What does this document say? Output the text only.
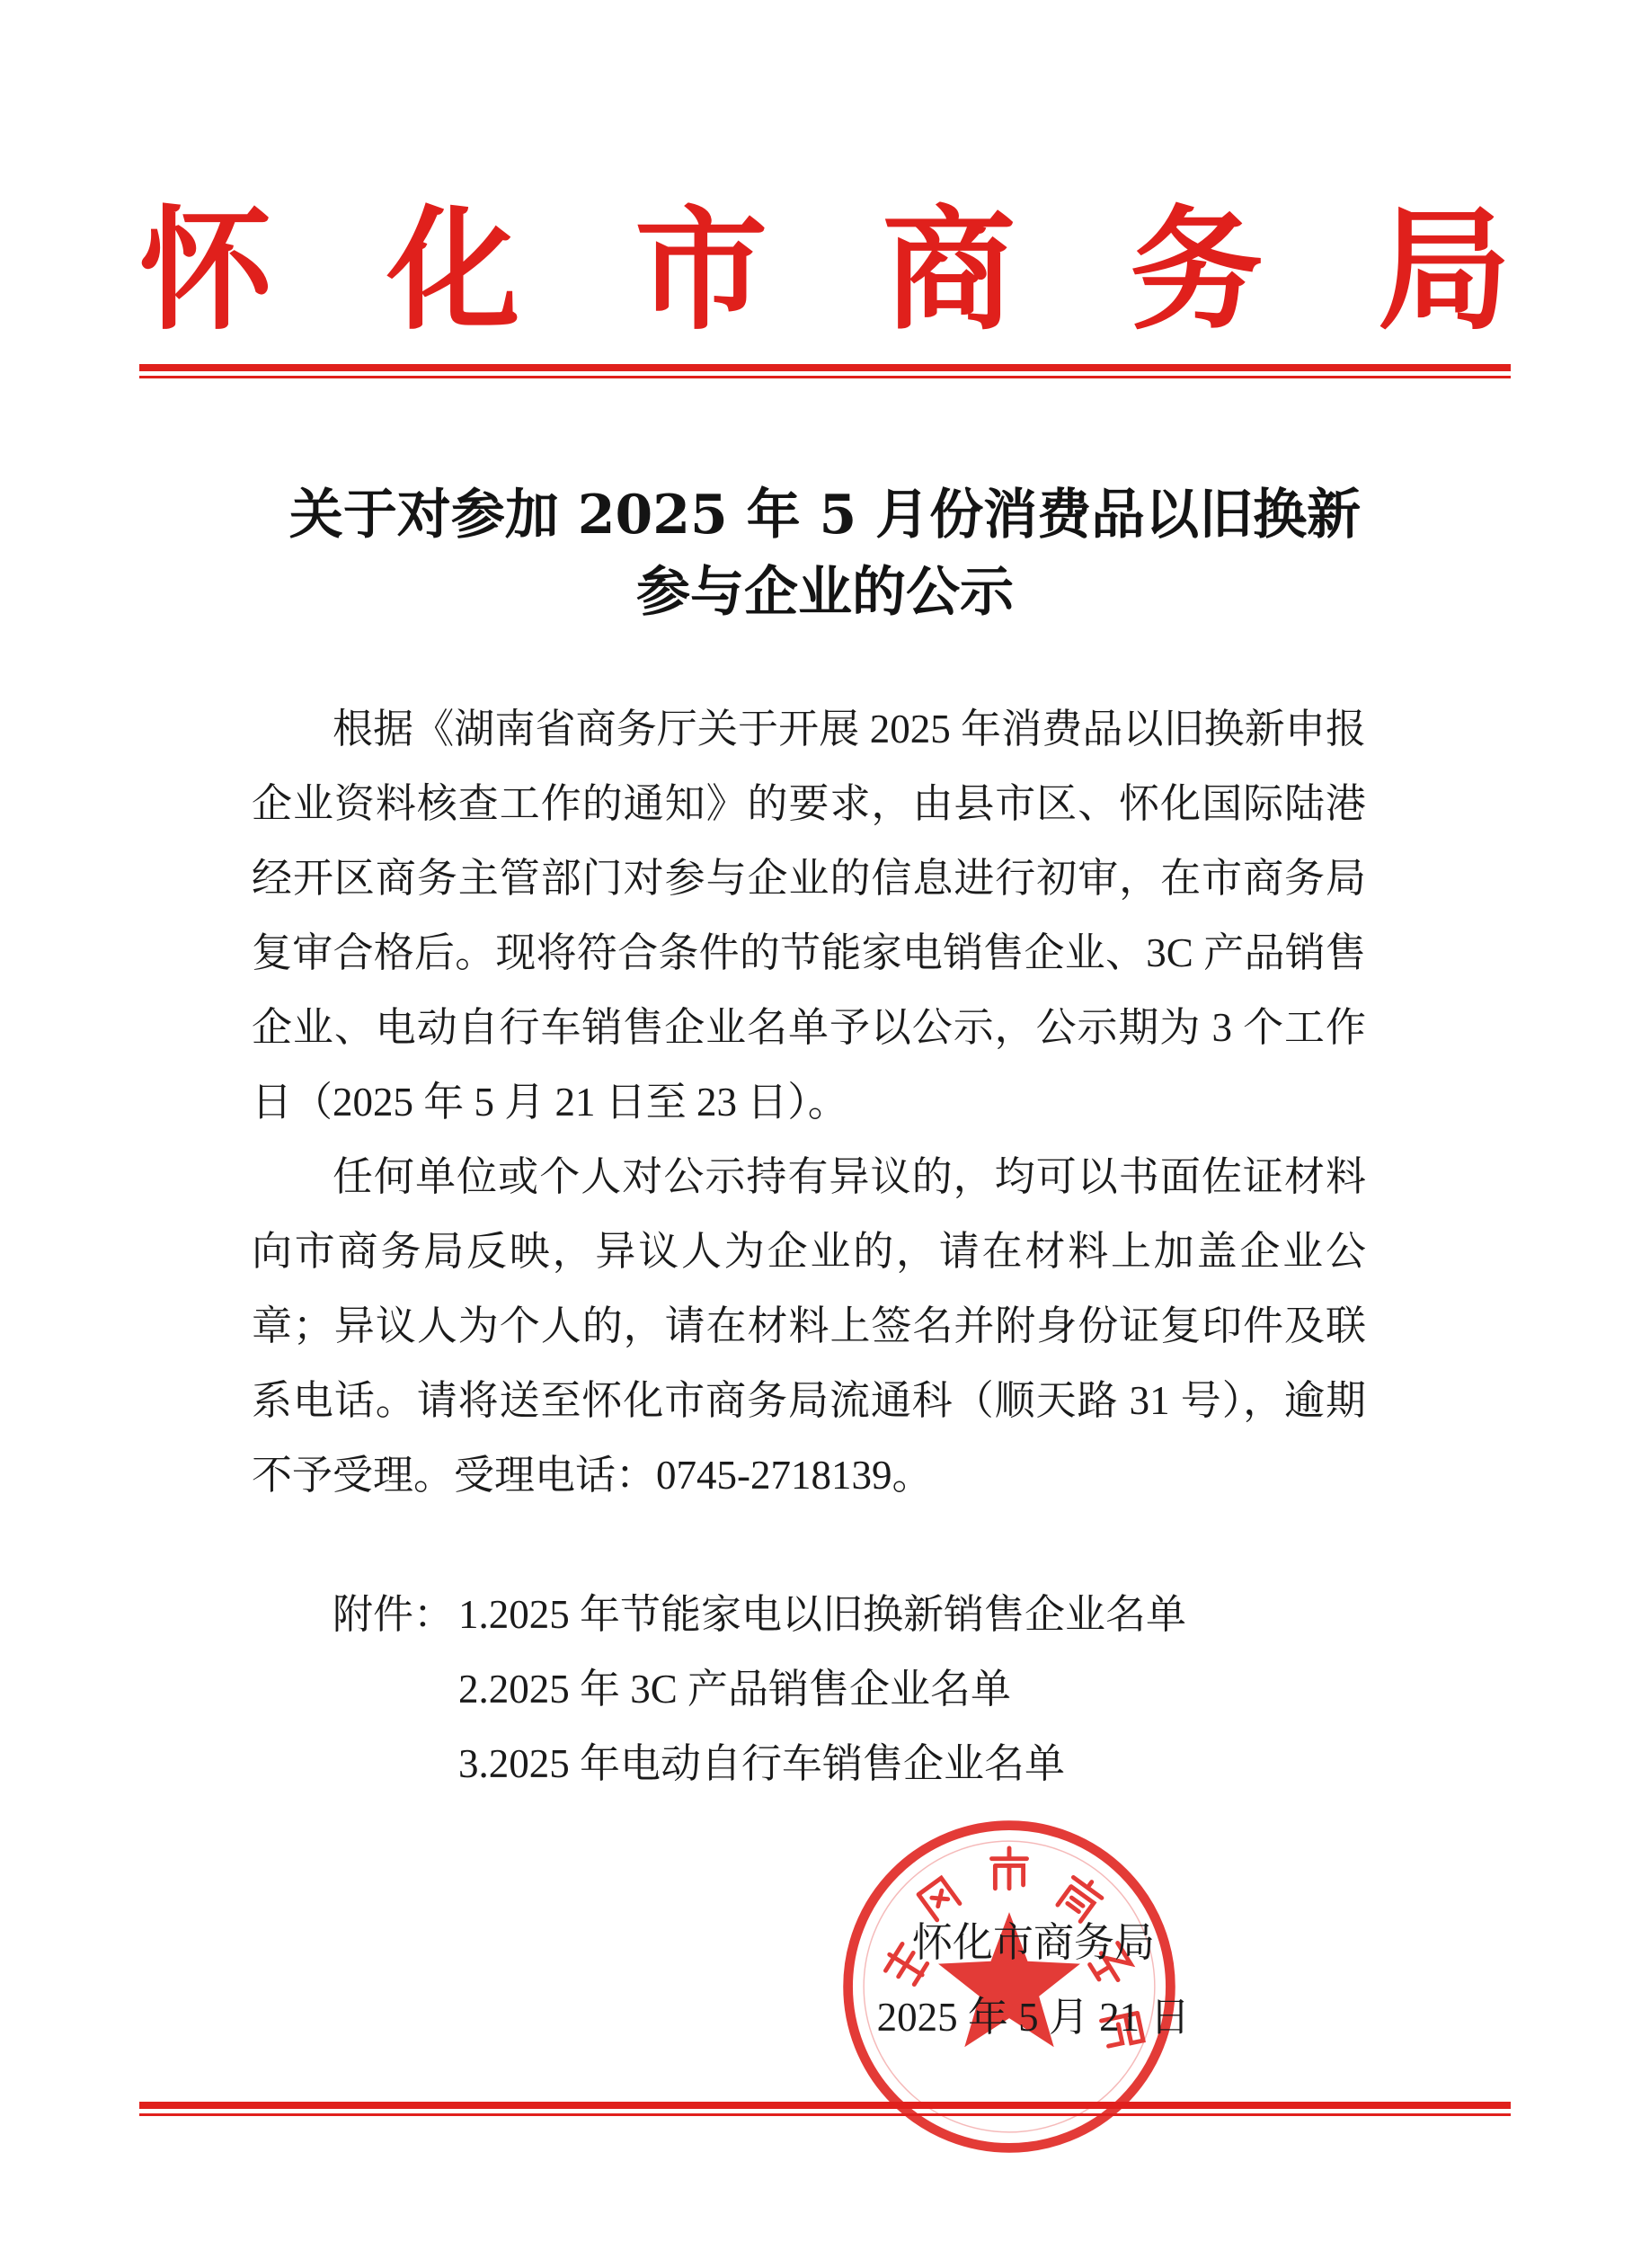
怀 化 市 商 务 局
关于对参加 2025 年 5 月份消费品以旧换新
参与企业的公示

根据《湖南省商务厅关于开展 2025 年消费品以旧换新申报企业资料核查工作的通知》的要求，由县市区、怀化国际陆港经开区商务主管部门对参与企业的信息进行初审，在市商务局复审合格后。现将符合条件的节能家电销售企业、3C 产品销售企业、电动自行车销售企业名单予以公示，公示期为 3 个工作日（2025 年 5 月 21 日至 23 日）。

任何单位或个人对公示持有异议的，均可以书面佐证材料向市商务局反映，异议人为企业的，请在材料上加盖企业公章；异议人为个人的，请在材料上签名并附身份证复印件及联系电话。请将送至怀化市商务局流通科（顺天路 31 号），逾期不予受理。受理电话：0745-2718139。

附件： 1.2025 年节能家电以旧换新销售企业名单
2.2025 年 3C 产品销售企业名单
3.2025 年电动自行车销售企业名单
怀化市商务局
2025 年 5 月 21 日
